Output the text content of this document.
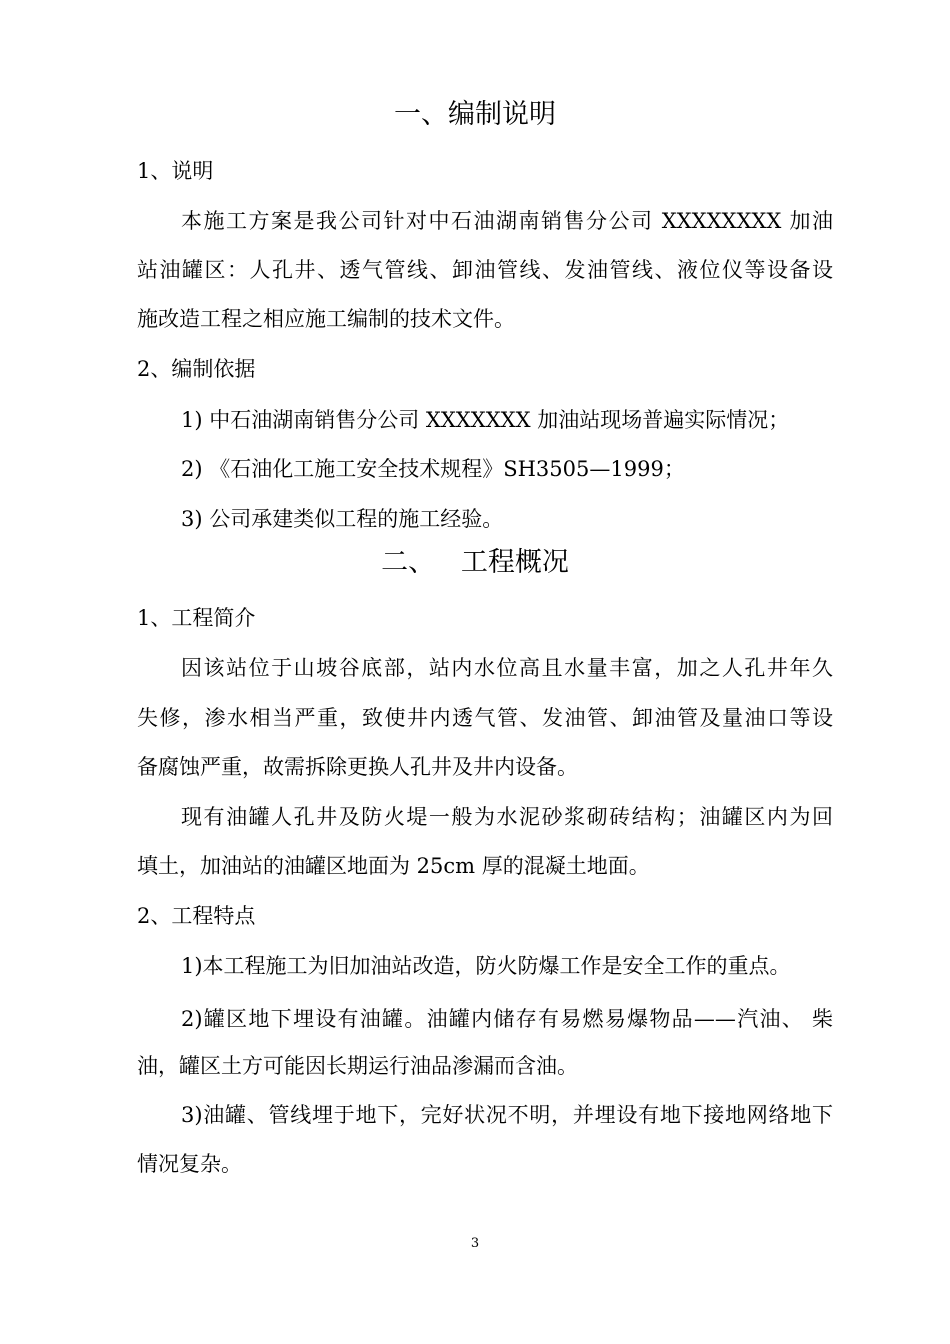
一、编制说明
1、说明
本施工方案是我公司针对中石油湖南销售分公司 XXXXXXXX 加油
站油罐区：人孔井、透气管线、卸油管线、发油管线、液位仪等设备设
施改造工程之相应施工编制的技术文件。
2、编制依据
1) 中石油湖南销售分公司 XXXXXXX 加油站现场普遍实际情况；
2) 《石油化工施工安全技术规程》SH3505—1999；
3) 公司承建类似工程的施工经验。
二、   工程概况
1、工程简介
因该站位于山坡谷底部，站内水位高且水量丰富，加之人孔井年久
失修，渗水相当严重，致使井内透气管、发油管、卸油管及量油口等设
备腐蚀严重，故需拆除更换人孔井及井内设备。
现有油罐人孔井及防火堤一般为水泥砂浆砌砖结构；油罐区内为回
填土，加油站的油罐区地面为 25cm 厚的混凝土地面。
2、工程特点
1)本工程施工为旧加油站改造，防火防爆工作是安全工作的重点。
2)罐区地下埋设有油罐。油罐内储存有易燃易爆物品——汽油、 柴
油，罐区土方可能因长期运行油品渗漏而含油。
3)油罐、管线埋于地下，完好状况不明，并埋设有地下接地网络地下
情况复杂。
3
